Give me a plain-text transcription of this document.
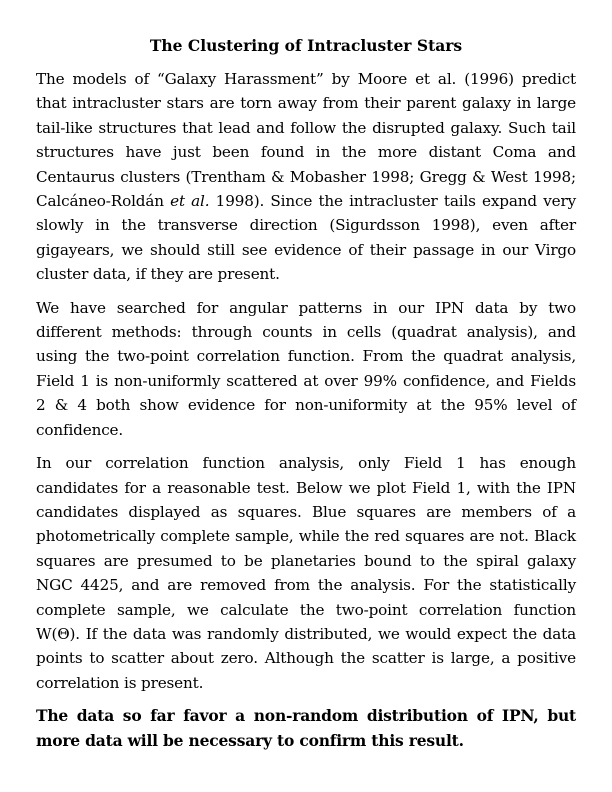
The Clustering of Intracluster Stars

The models of “Galaxy Harassment” by Moore et al. (1996) predict that intracluster stars are torn away from their parent galaxy in large tail-like structures that lead and follow the disrupted galaxy. Such tail structures have just been found in the more distant Coma and Centaurus clusters (Trentham & Mobasher 1998; Gregg & West 1998; Calcáneo-Roldán et al. 1998). Since the intracluster tails expand very slowly in the transverse direction (Sigurdsson 1998), even after gigayears, we should still see evidence of their passage in our Virgo cluster data, if they are present.

We have searched for angular patterns in our IPN data by two different methods: through counts in cells (quadrat analysis), and using the two-point correlation function. From the quadrat analysis, Field 1 is non-uniformly scattered at over 99% confidence, and Fields 2 & 4 both show evidence for non-uniformity at the 95% level of confidence.

In our correlation function analysis, only Field 1 has enough candidates for a reasonable test. Below we plot Field 1, with the IPN candidates displayed as squares. Blue squares are members of a photometrically complete sample, while the red squares are not. Black squares are presumed to be planetaries bound to the spiral galaxy NGC 4425, and are removed from the analysis. For the statistically complete sample, we calculate the two-point correlation function W(Θ). If the data was randomly distributed, we would expect the data points to scatter about zero. Although the scatter is large, a positive correlation is present.

The data so far favor a non-random distribution of IPN, but more data will be necessary to confirm this result.
